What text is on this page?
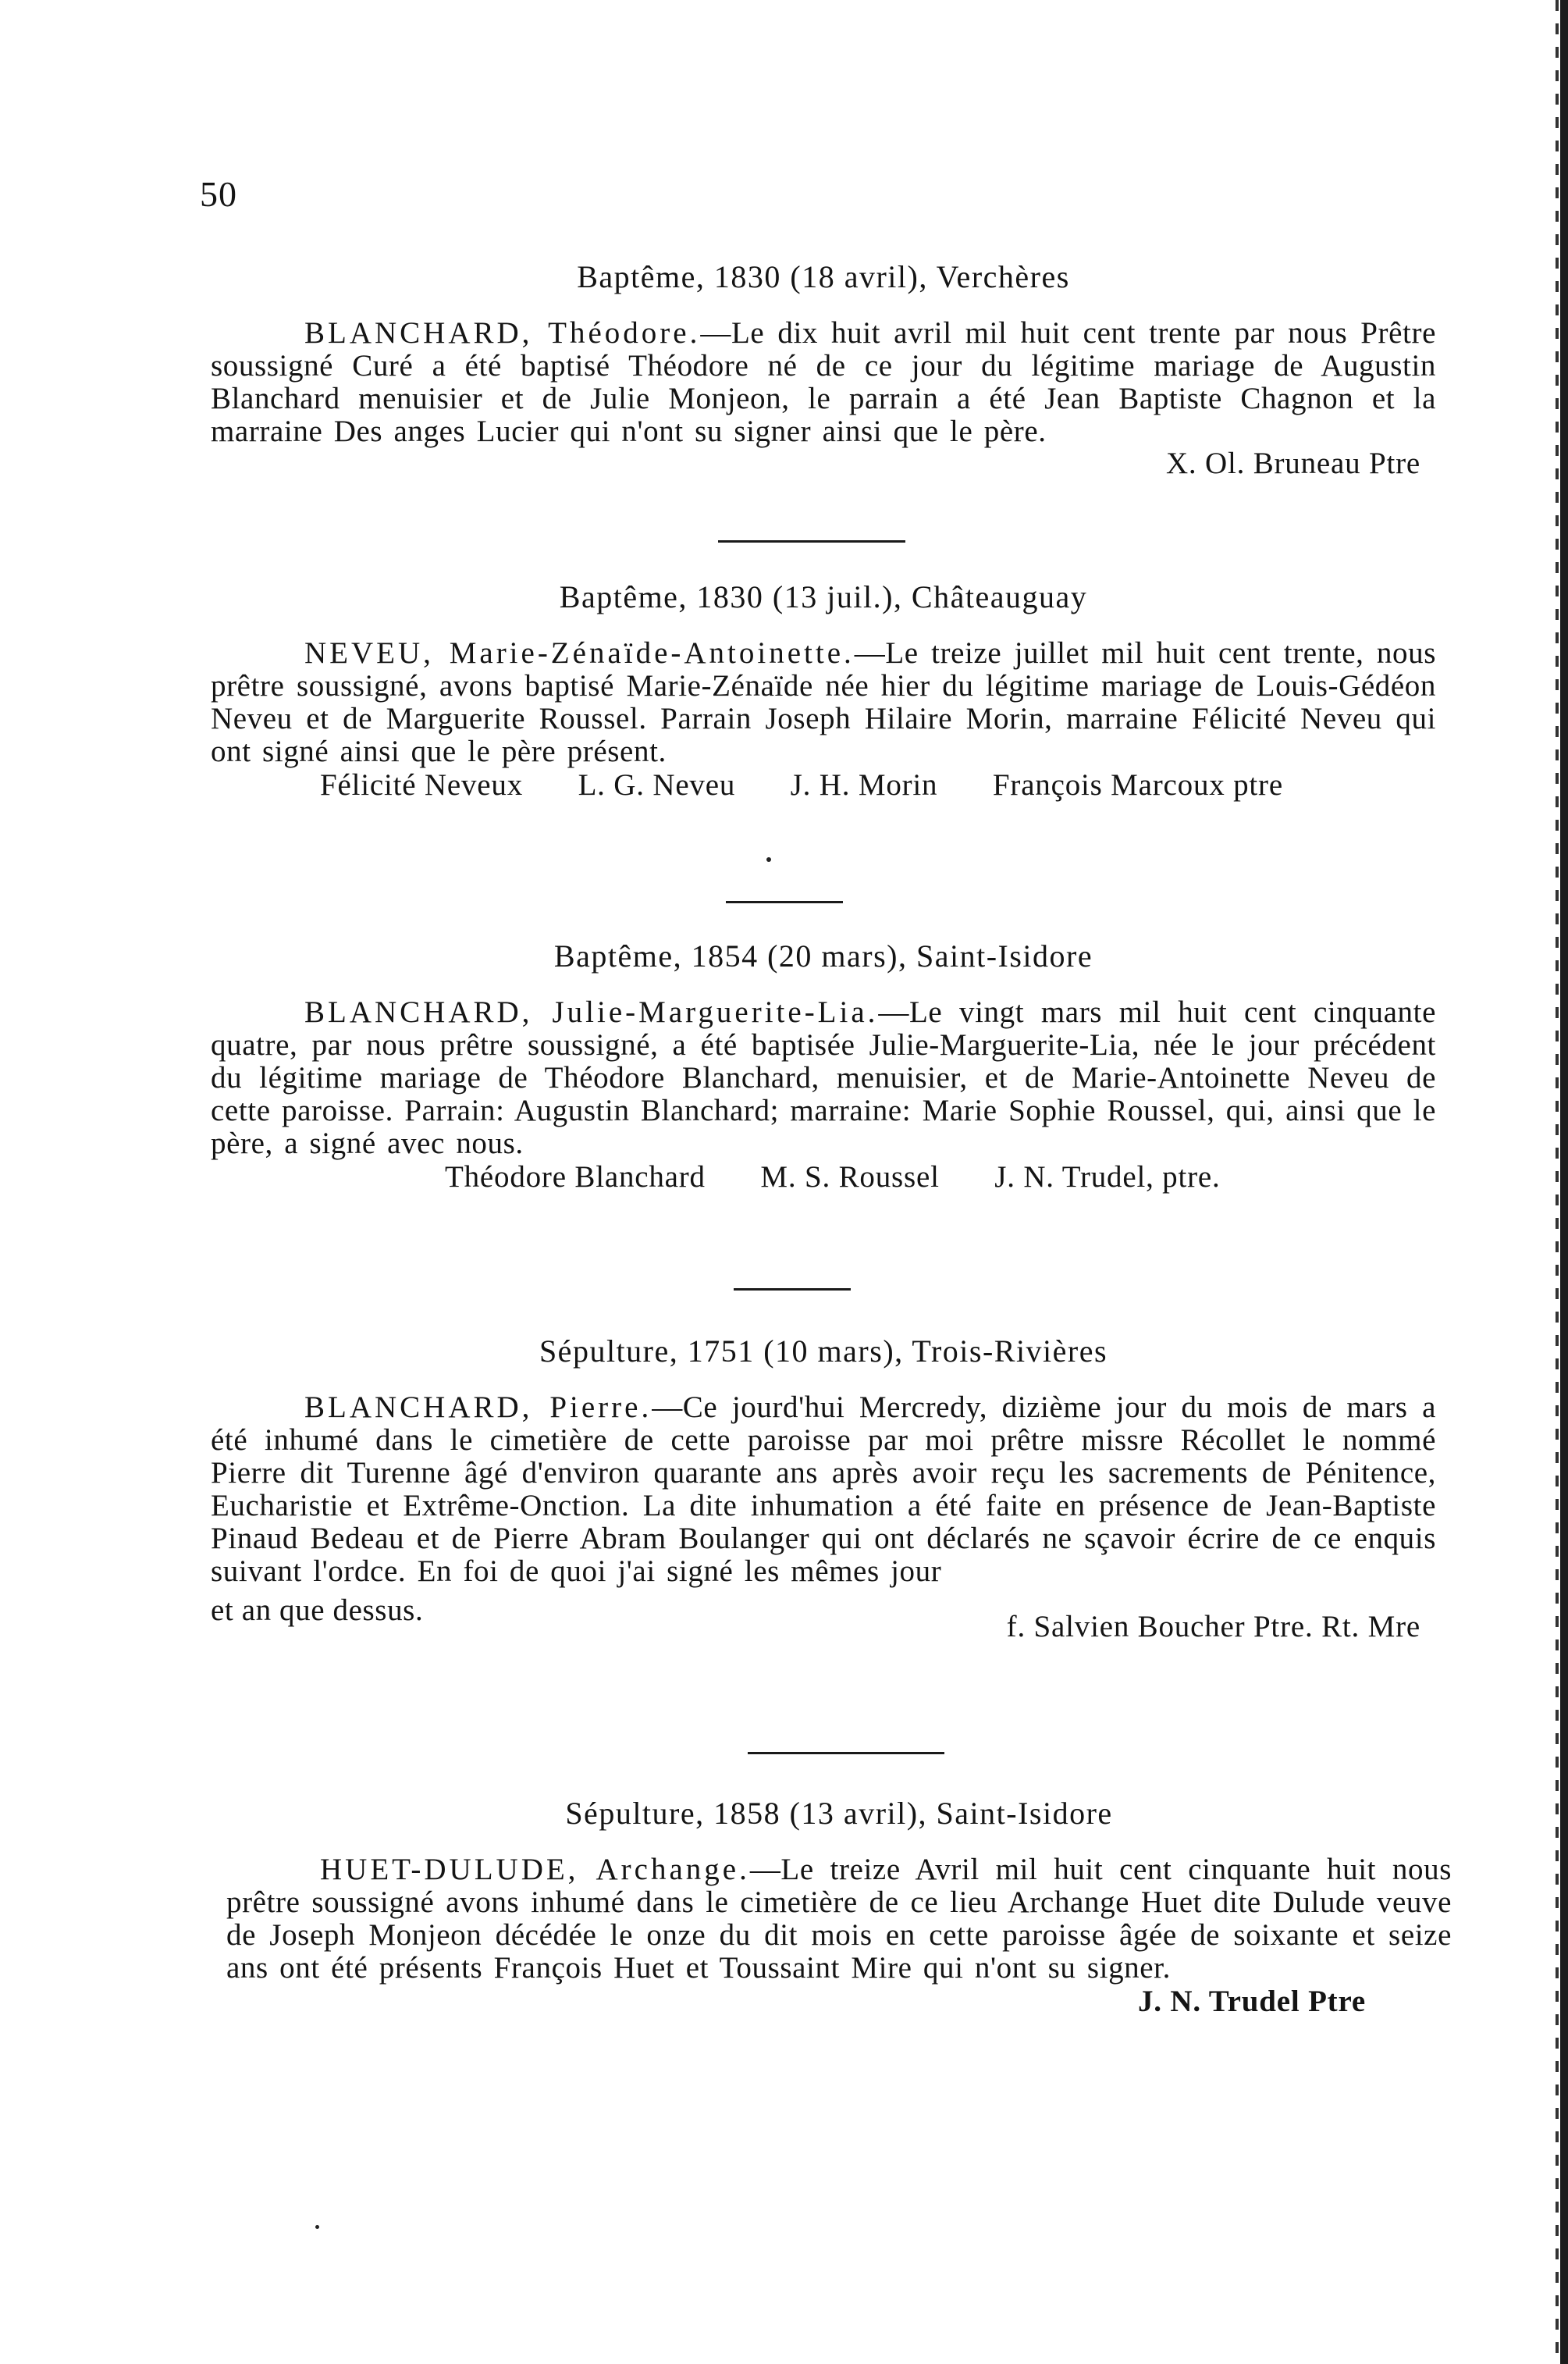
50
Baptême, 1830 (18 avril), Verchères

BLANCHARD, Théodore.—Le dix huit avril mil huit cent trente par nous Prêtre soussigné Curé a été baptisé Théodore né de ce jour du légitime mariage de Augustin Blanchard menuisier et de Julie Monjeon, le parrain a été Jean Baptiste Chagnon et la marraine Des anges Lucier qui n'ont su signer ainsi que le père.

X. Ol. Bruneau Ptre
Baptême, 1830 (13 juil.), Châteauguay

NEVEU, Marie-Zénaïde-Antoinette.—Le treize juillet mil huit cent trente, nous prêtre soussigné, avons baptisé Marie-Zénaïde née hier du légitime mariage de Louis-Gédéon Neveu et de Marguerite Roussel. Parrain Joseph Hilaire Morin, marraine Félicité Neveu qui ont signé ainsi que le père présent.

Félicité Neveux L. G. Neveu J. H. Morin François Marcoux ptre
Baptême, 1854 (20 mars), Saint-Isidore

BLANCHARD, Julie-Marguerite-Lia.—Le vingt mars mil huit cent cinquante quatre, par nous prêtre soussigné, a été baptisée Julie-Marguerite-Lia, née le jour précédent du légitime mariage de Théodore Blanchard, menuisier, et de Marie-Antoinette Neveu de cette paroisse. Parrain: Augustin Blanchard; marraine: Marie Sophie Roussel, qui, ainsi que le père, a signé avec nous.

Théodore Blanchard M. S. Roussel J. N. Trudel, ptre.
Sépulture, 1751 (10 mars), Trois-Rivières

BLANCHARD, Pierre.—Ce jourd'hui Mercredy, dizième jour du mois de mars a été inhumé dans le cimetière de cette paroisse par moi prêtre missre Récollet le nommé Pierre dit Turenne âgé d'environ quarante ans après avoir reçu les sacrements de Pénitence, Eucharistie et Extrême-Onction. La dite inhumation a été faite en présence de Jean-Baptiste Pinaud Bedeau et de Pierre Abram Boulanger qui ont déclarés ne sçavoir écrire de ce enquis suivant l'ordce. En foi de quoi j'ai signé les mêmes jour

et an que dessus.	f. Salvien Boucher Ptre. Rt. Mre
Sépulture, 1858 (13 avril), Saint-Isidore

HUET-DULUDE, Archange.—Le treize Avril mil huit cent cinquante huit nous prêtre soussigné avons inhumé dans le cimetière de ce lieu Archange Huet dite Dulude veuve de Joseph Monjeon décédée le onze du dit mois en cette paroisse âgée de soixante et seize ans ont été présents François Huet et Toussaint Mire qui n'ont su signer.

J. N. Trudel Ptre
